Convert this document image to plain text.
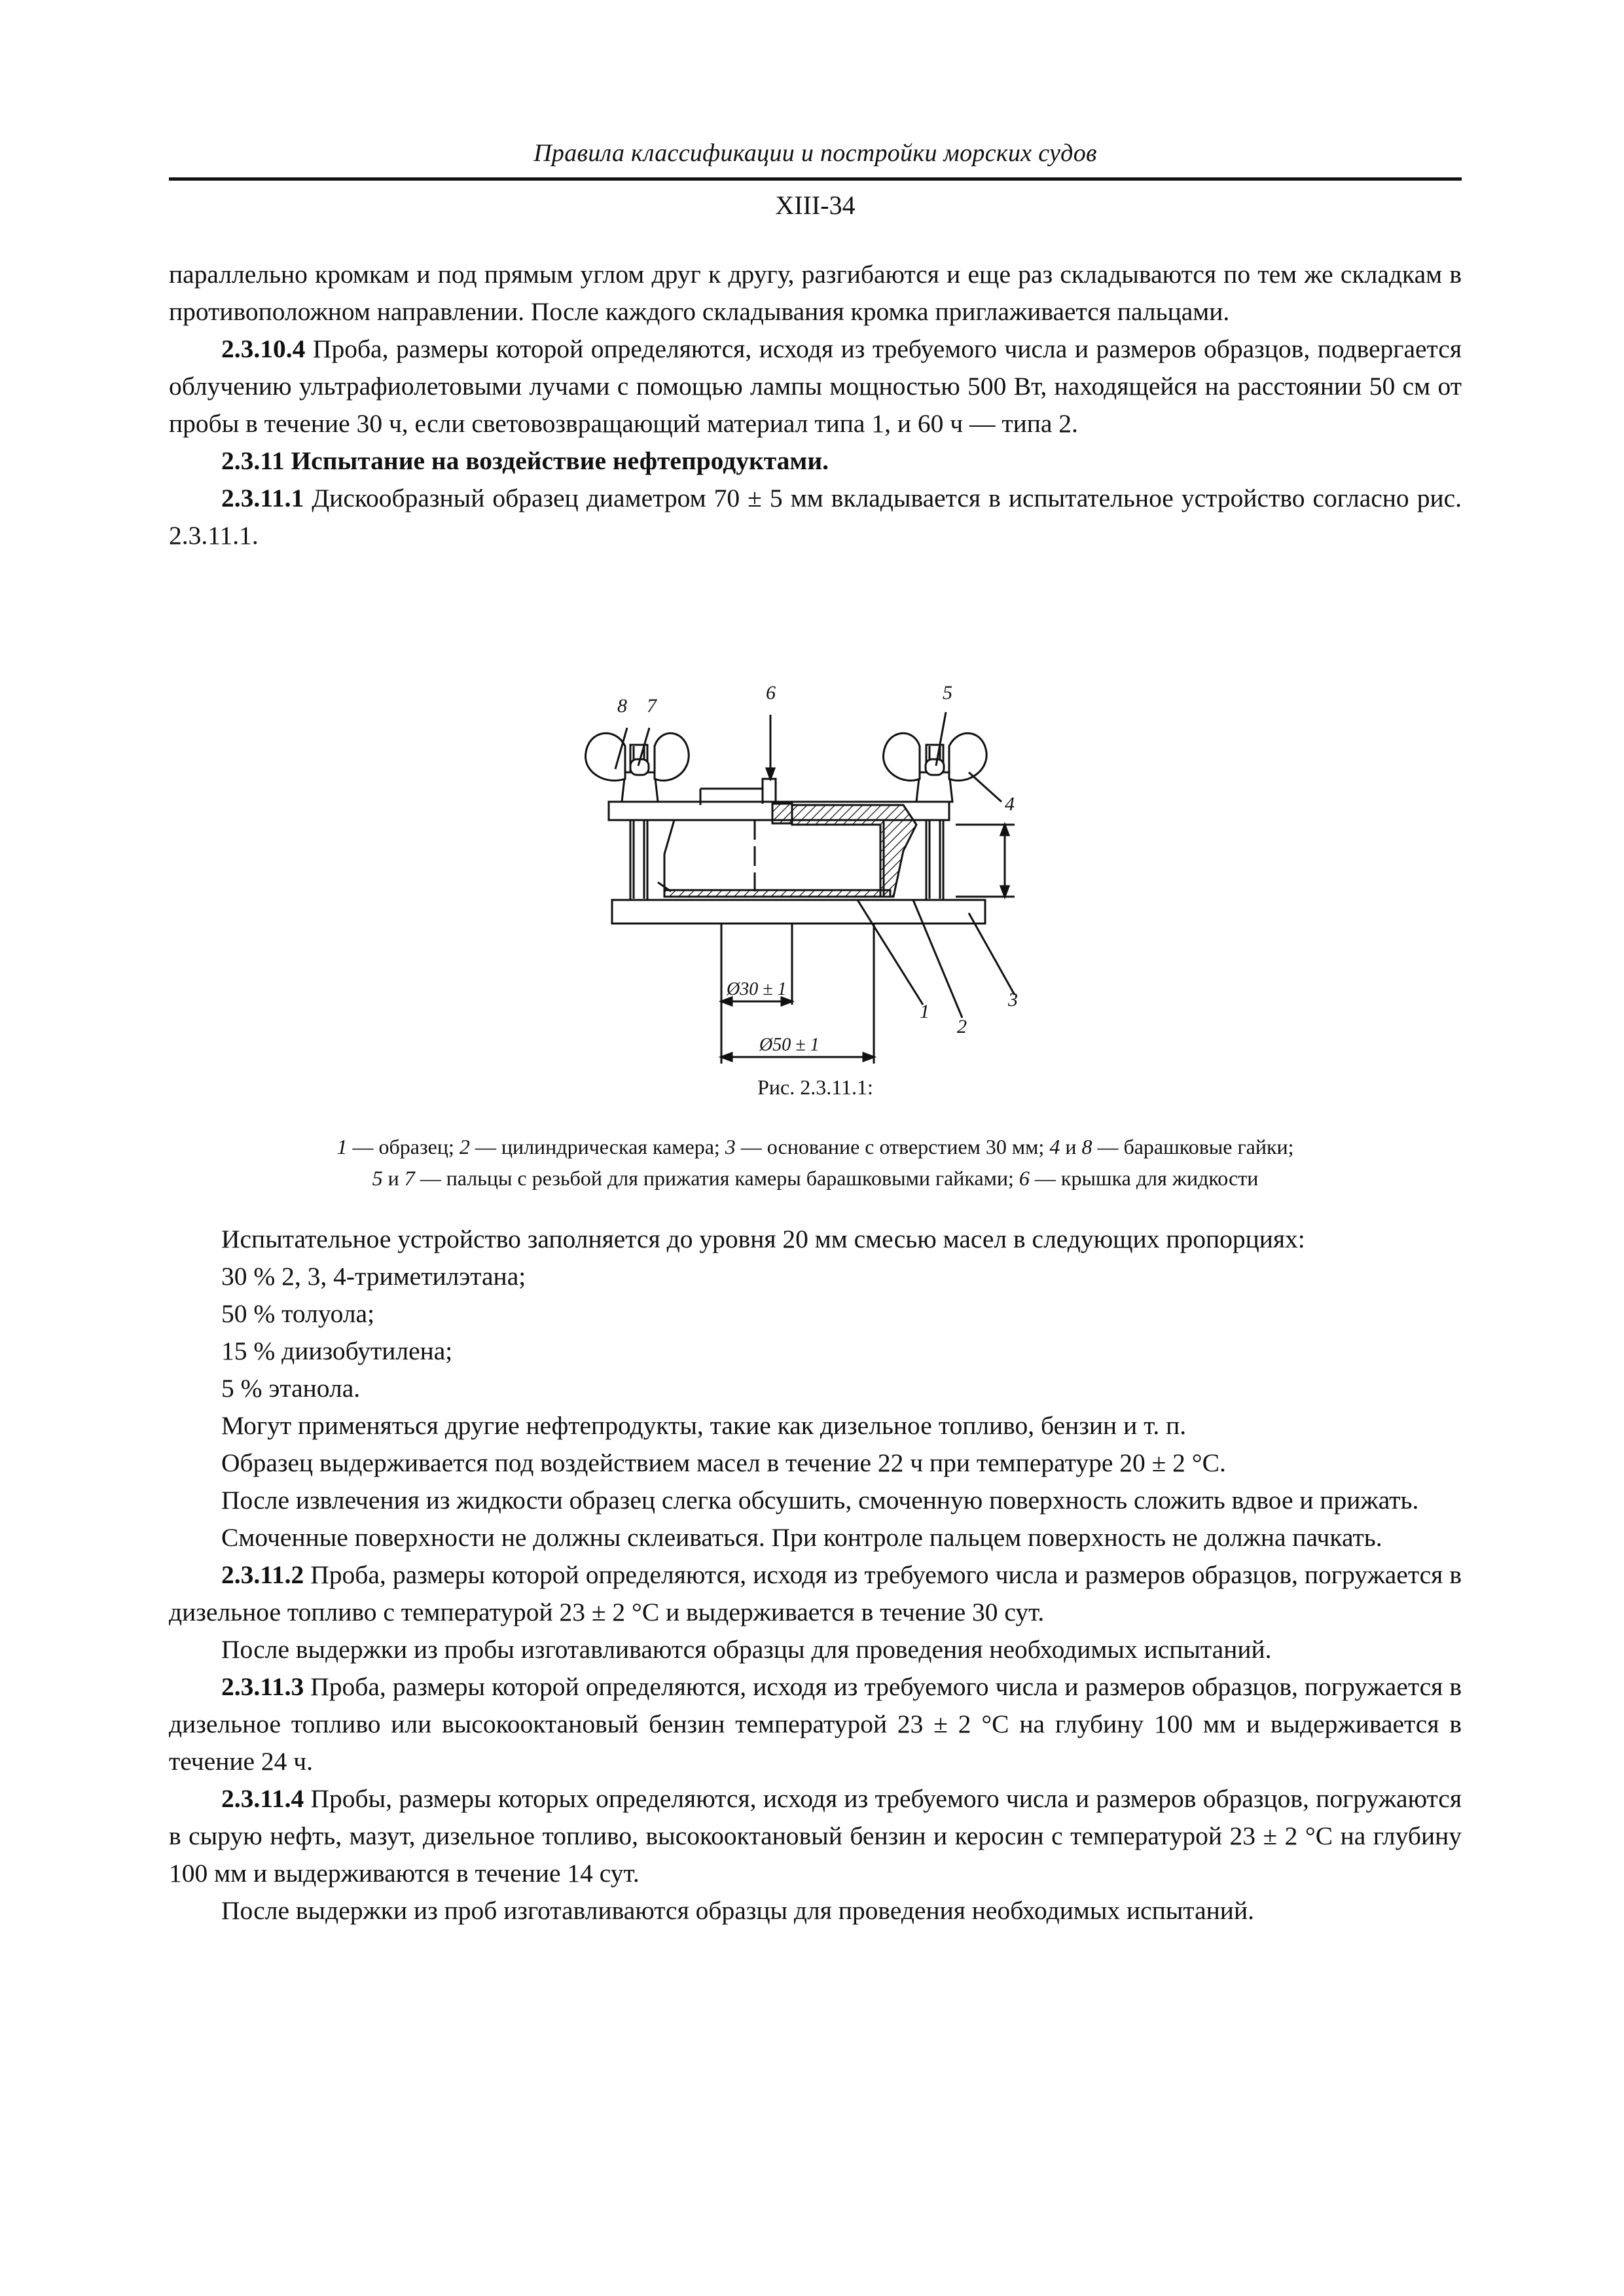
Правила классификации и постройки морских судов
XIII-34

параллельно кромкам и под прямым углом друг к другу, разгибаются и еще раз складываются по тем же складкам в противоположном направлении. После каждого складывания кромка приглаживается пальцами.

2.3.10.4 Проба, размеры которой определяются, исходя из требуемого числа и размеров образцов, подвергается облучению ультрафиолетовыми лучами с помощью лампы мощностью 500 Вт, находящейся на расстоянии 50 см от пробы в течение 30 ч, если световозвращающий материал типа 1, и 60 ч — типа 2.

2.3.11 Испытание на воздействие нефтепродуктами.

2.3.11.1 Дискообразный образец диаметром 70 ± 5 мм вкладывается в испытательное устройство согласно рис. 2.3.11.1.

8 7
6	5
4
3
2
1
Ø30 ± 1
Ø50 ± 1
Рис. 2.3.11.1:
1 — образец; 2 — цилиндрическая камера; 3 — основание с отверстием 30 мм; 4 и 8 — барашковые гайки;
5 и 7 — пальцы с резьбой для прижатия камеры барашковыми гайками; 6 — крышка для жидкости

Испытательное устройство заполняется до уровня 20 мм смесью масел в следующих пропорциях:

30 % 2, 3, 4-триметилэтана;

50 % толуола;

15 % диизобутилена;

5 % этанола.

Могут применяться другие нефтепродукты, такие как дизельное топливо, бензин и т. п.

Образец выдерживается под воздействием масел в течение 22 ч при температуре 20 ± 2 °С.

После извлечения из жидкости образец слегка обсушить, смоченную поверхность сложить вдвое и прижать.

Смоченные поверхности не должны склеиваться. При контроле пальцем поверхность не должна пачкать.

2.3.11.2 Проба, размеры которой определяются, исходя из требуемого числа и размеров образцов, погружается в дизельное топливо с температурой 23 ± 2 °С и выдерживается в течение 30 сут.

После выдержки из пробы изготавливаются образцы для проведения необходимых испытаний.

2.3.11.3 Проба, размеры которой определяются, исходя из требуемого числа и размеров образцов, погружается в дизельное топливо или высокооктановый бензин температурой 23 ± 2 °С на глубину 100 мм и выдерживается в течение 24 ч.

2.3.11.4 Пробы, размеры которых определяются, исходя из требуемого числа и размеров образцов, погружаются в сырую нефть, мазут, дизельное топливо, высокооктановый бензин и керосин с температурой 23 ± 2 °С на глубину 100 мм и выдерживаются в течение 14 сут.

После выдержки из проб изготавливаются образцы для проведения необходимых испытаний.
